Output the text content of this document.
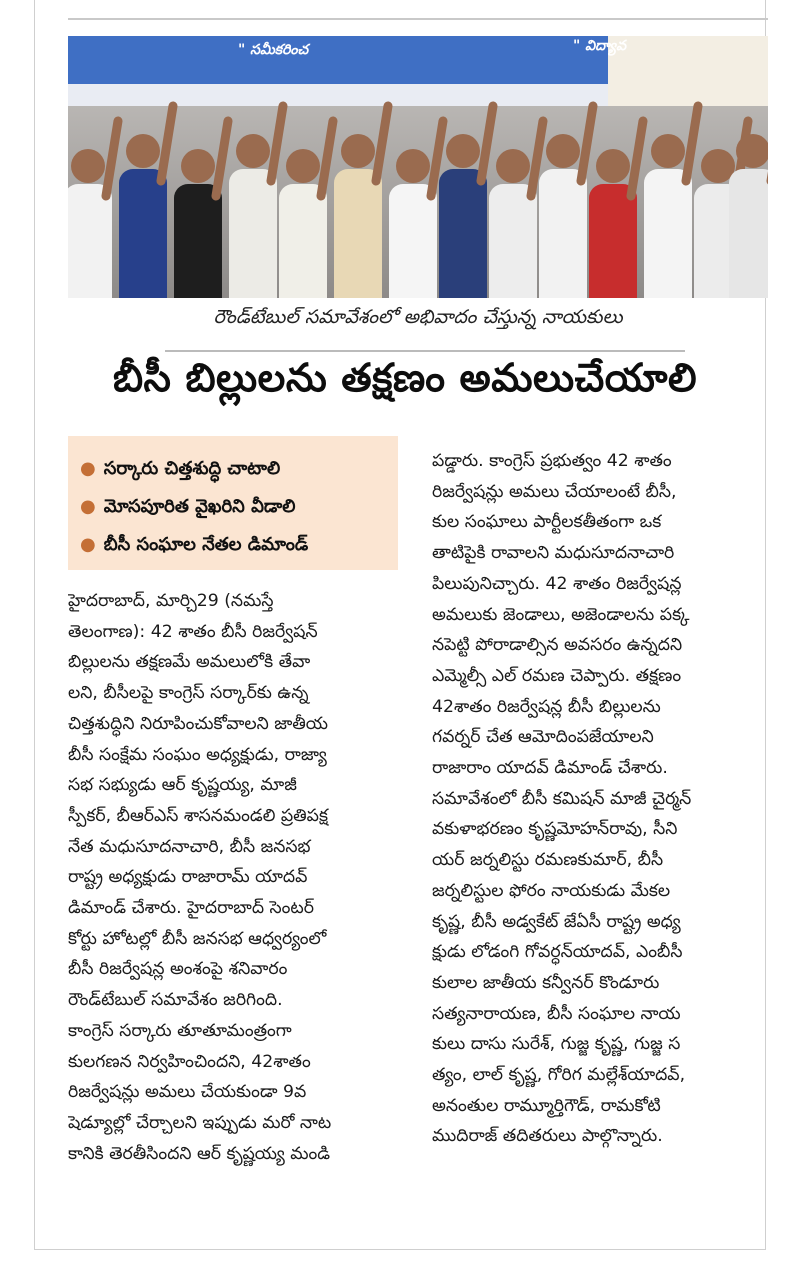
" సమీకరించ	" విద్యావ
రౌండ్‌టేబుల్ సమావేశంలో అభివాదం చేస్తున్న నాయకులు
బీసీ బిల్లులను తక్షణం అమలుచేయాలి
● సర్కారు చిత్తశుద్ధి చాటాలి
● మోసపూరిత వైఖరిని వీడాలి
● బీసీ సంఘాల నేతల డిమాండ్
హైదరాబాద్, మార్చి29 (నమస్తే
తెలంగాణ): 42 శాతం బీసీ రిజర్వేషన్
బిల్లులను తక్షణమే అమలులోకి తేవా
లని, బీసీలపై కాంగ్రెస్ సర్కార్‌కు ఉన్న
చిత్తశుద్ధిని నిరూపించుకోవాలని జాతీయ
బీసీ సంక్షేమ సంఘం అధ్యక్షుడు, రాజ్యా
సభ సభ్యుడు ఆర్ కృష్ణయ్య, మాజీ
స్పీకర్, బీఆర్ఎస్ శాసనమండలి ప్రతిపక్ష
నేత మధుసూదనాచారి, బీసీ జనసభ
రాష్ట్ర అధ్యక్షుడు రాజారామ్ యాదవ్
డిమాండ్ చేశారు. హైదరాబాద్ సెంటర్
కోర్టు హోటల్లో బీసీ జనసభ ఆధ్వర్యంలో
బీసీ రిజర్వేషన్ల అంశంపై శనివారం
రౌండ్‌టేబుల్ సమావేశం జరిగింది.
కాంగ్రెస్ సర్కారు తూతూమంత్రంగా
కులగణన నిర్వహించిందని, 42శాతం
రిజర్వేషన్లు అమలు చేయకుండా 9వ
షెడ్యూల్లో చేర్చాలని ఇప్పుడు మరో నాట
కానికి తెరతీసిందని ఆర్ కృష్ణయ్య మండి
పడ్డారు. కాంగ్రెస్ ప్రభుత్వం 42 శాతం
రిజర్వేషన్లు అమలు చేయాలంటే బీసీ,
కుల సంఘాలు పార్టీలకతీతంగా ఒక
తాటిపైకి రావాలని మధుసూదనాచారి
పిలుపునిచ్చారు. 42 శాతం రిజర్వేషన్ల
అమలుకు జెండాలు, అజెండాలను పక్క
నపెట్టి పోరాడాల్సిన అవసరం ఉన్నదని
ఎమ్మెల్సీ ఎల్ రమణ చెప్పారు. తక్షణం
42శాతం రిజర్వేషన్ల బీసీ బిల్లులను
గవర్నర్ చేత ఆమోదింపజేయాలని
రాజారాం యాదవ్ డిమాండ్ చేశారు.
సమావేశంలో బీసీ కమిషన్ మాజీ చైర్మన్
వకుళాభరణం కృష్ణమోహన్‌రావు, సీని
యర్ జర్నలిస్టు రమణకుమార్, బీసీ
జర్నలిస్టుల ఫోరం నాయకుడు మేకల
కృష్ణ, బీసీ అడ్వకేట్ జేఏసీ రాష్ట్ర అధ్య
క్షుడు లోడంగి గోవర్ధన్‌యాదవ్, ఎంబీసీ
కులాల జాతీయ కన్వీనర్ కొండూరు
సత్యనారాయణ, బీసీ సంఘాల నాయ
కులు దాసు సురేశ్, గుజ్జ కృష్ణ, గుజ్జ స
త్యం, లాల్ కృష్ణ, గోరిగ మల్లేశ్‌యాదవ్,
అనంతుల రామ్మూర్తిగౌడ్, రామకోటి
ముదిరాజ్ తదితరులు పాల్గొన్నారు.
